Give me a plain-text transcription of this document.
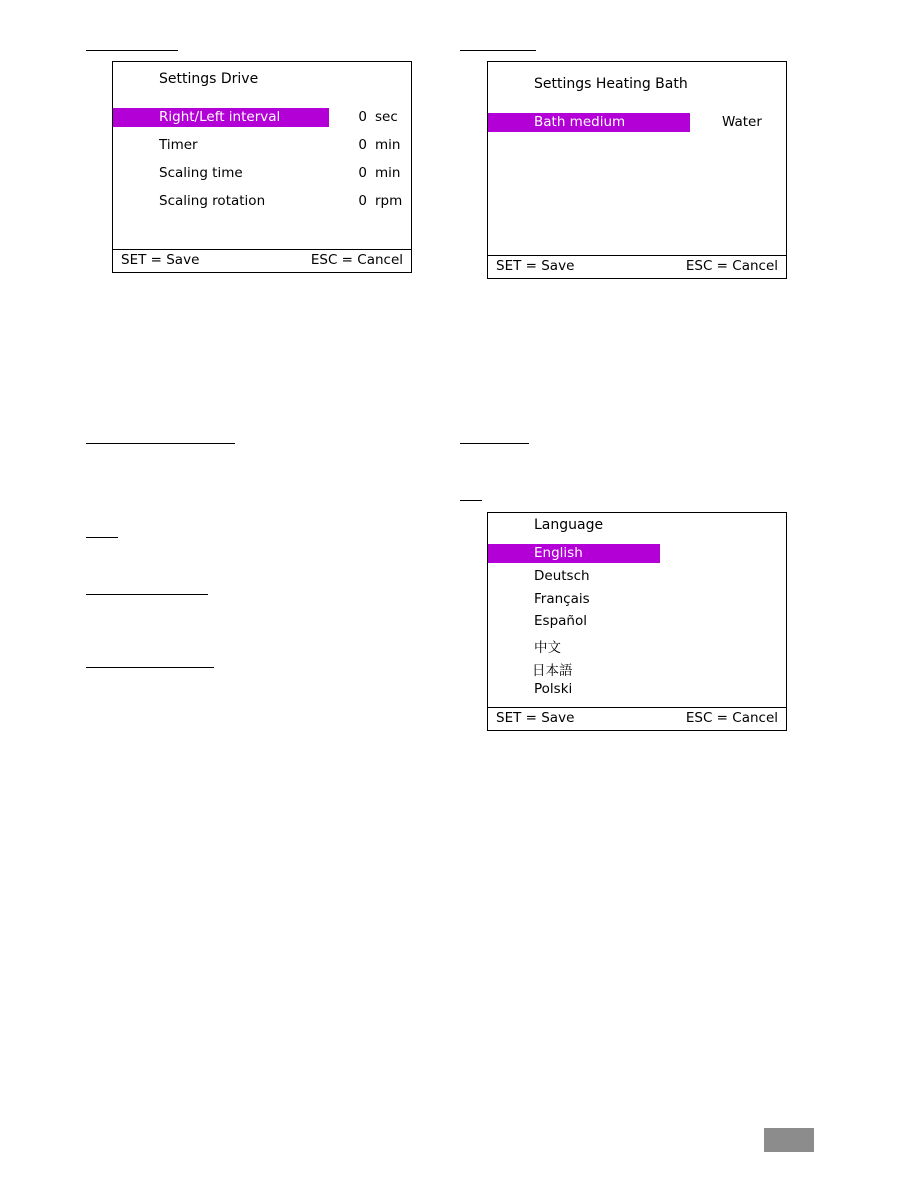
Settings Drive
Right/Left interval	0 sec
Timer	0 min
Scaling time	0 min
Scaling rotation	0 rpm
SET = Save	ESC = Cancel
Settings Heating Bath
Bath medium	Water
SET = Save	ESC = Cancel
Language
English
Deutsch
Français
Español
中文
日本語
Polski
SET = Save	ESC = Cancel
